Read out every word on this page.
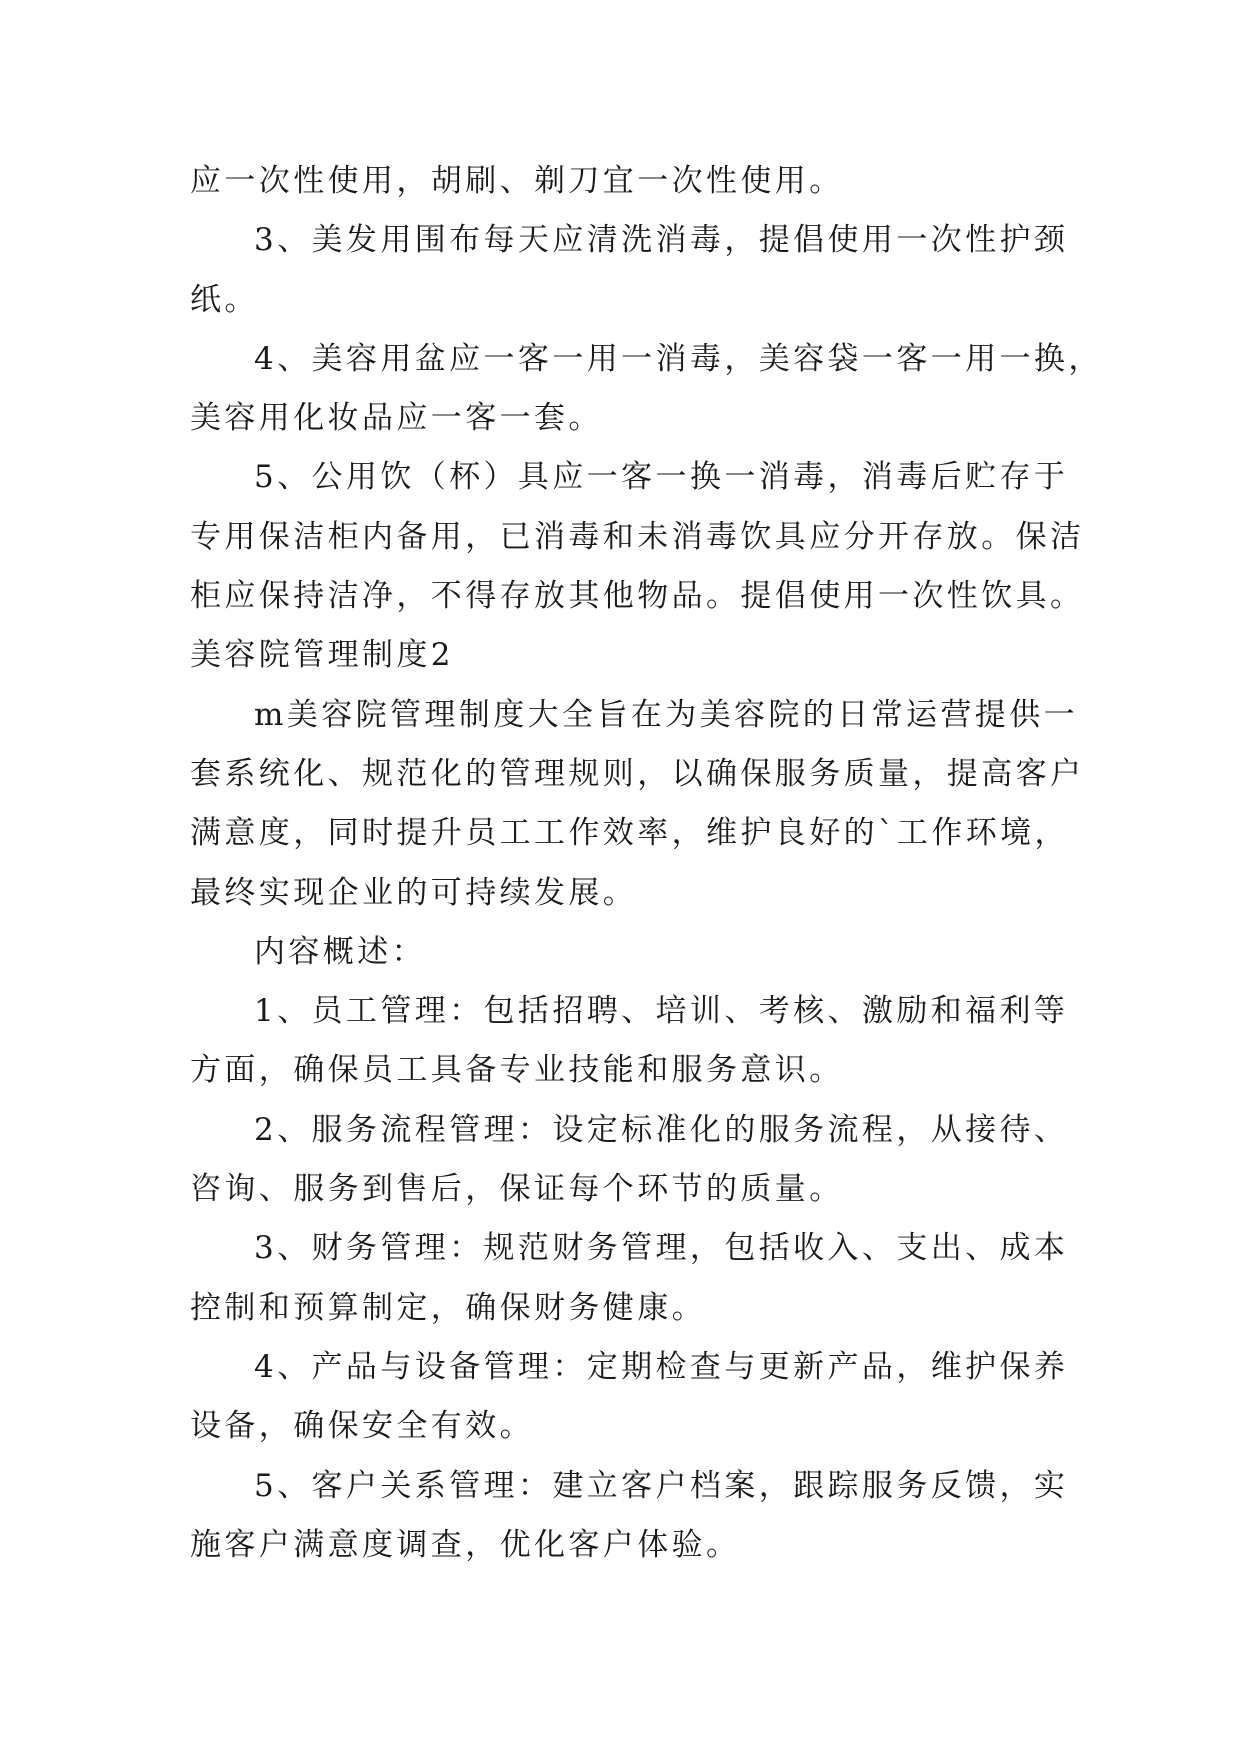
应一次性使用，胡刷、剃刀宜一次性使用。
3、美发用围布每天应清洗消毒，提倡使用一次性护颈
纸。
4、美容用盆应一客一用一消毒，美容袋一客一用一换，
美容用化妆品应一客一套。
5、公用饮（杯）具应一客一换一消毒，消毒后贮存于
专用保洁柜内备用，已消毒和未消毒饮具应分开存放。保洁
柜应保持洁净，不得存放其他物品。提倡使用一次性饮具。
美容院管理制度2
m美容院管理制度大全旨在为美容院的日常运营提供一
套系统化、规范化的管理规则，以确保服务质量，提高客户
满意度，同时提升员工工作效率，维护良好的`工作环境，
最终实现企业的可持续发展。
内容概述：
1、员工管理：包括招聘、培训、考核、激励和福利等
方面，确保员工具备专业技能和服务意识。
2、服务流程管理：设定标准化的服务流程，从接待、
咨询、服务到售后，保证每个环节的质量。
3、财务管理：规范财务管理，包括收入、支出、成本
控制和预算制定，确保财务健康。
4、产品与设备管理：定期检查与更新产品，维护保养
设备，确保安全有效。
5、客户关系管理：建立客户档案，跟踪服务反馈，实
施客户满意度调查，优化客户体验。
